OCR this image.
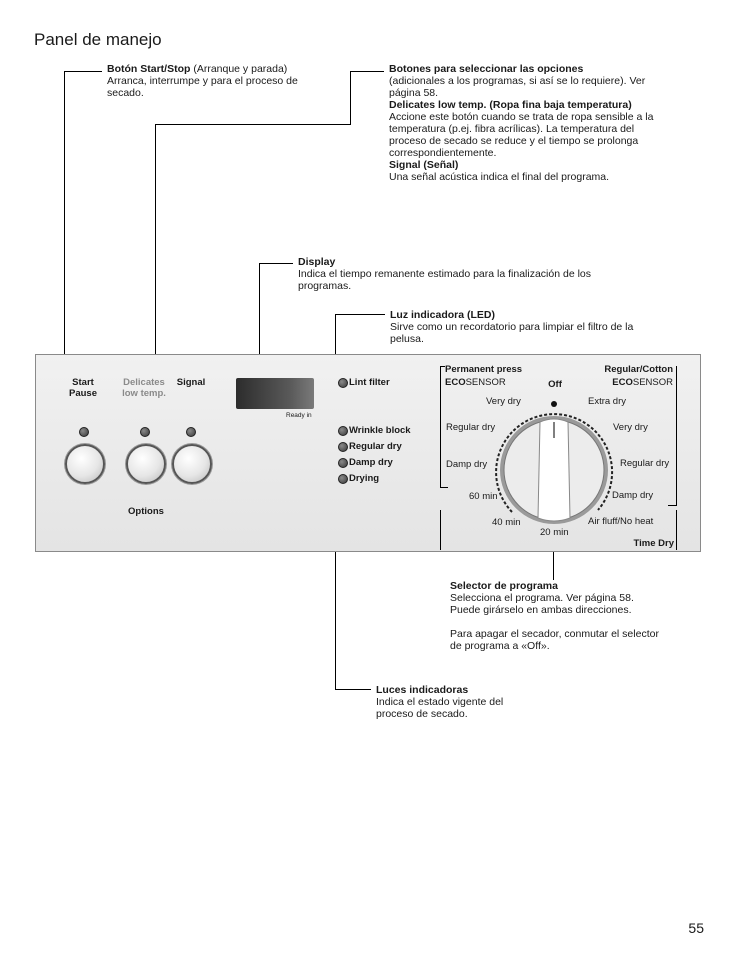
Panel de manejo
Botón Start/Stop (Arranque y parada)
Arranca, interrumpe y para el proceso de secado.
Botones para seleccionar las opciones
(adicionales a los programas, si así se lo requiere). Ver página 58.
Delicates low temp. (Ropa fina baja temperatura)
Accione este botón cuando se trata de ropa sensible a la temperatura (p.ej. fibra acrílicas). La temperatura del proceso de secado se reduce y el tiempo se prolonga correspondientemente.
Signal (Señal)
Una señal acústica indica el final del programa.
Display
Indica el tiempo remanente estimado para la finalización de los programas.
Luz indicadora (LED)
Sirve como un recordatorio para limpiar el filtro de la pelusa.
Selector de programa
Selecciona el programa. Ver página 58. Puede girárselo en ambas direcciones.

Para apagar el secador, conmutar el selector de programa a «Off».
Luces indicadoras
Indica el estado vigente del proceso de secado.
Start
Pause
Delicates
low temp.
Signal
Options
Ready in
Lint filter
Wrinkle block
Regular dry
Damp dry
Drying
Permanent press
ECOSENSOR
Regular/Cotton
ECOSENSOR
Off
Very dry
Regular dry
Damp dry
Extra dry
Very dry
Regular dry
Damp dry
60 min
40 min
20 min
Air fluff/No heat
Time Dry
55
